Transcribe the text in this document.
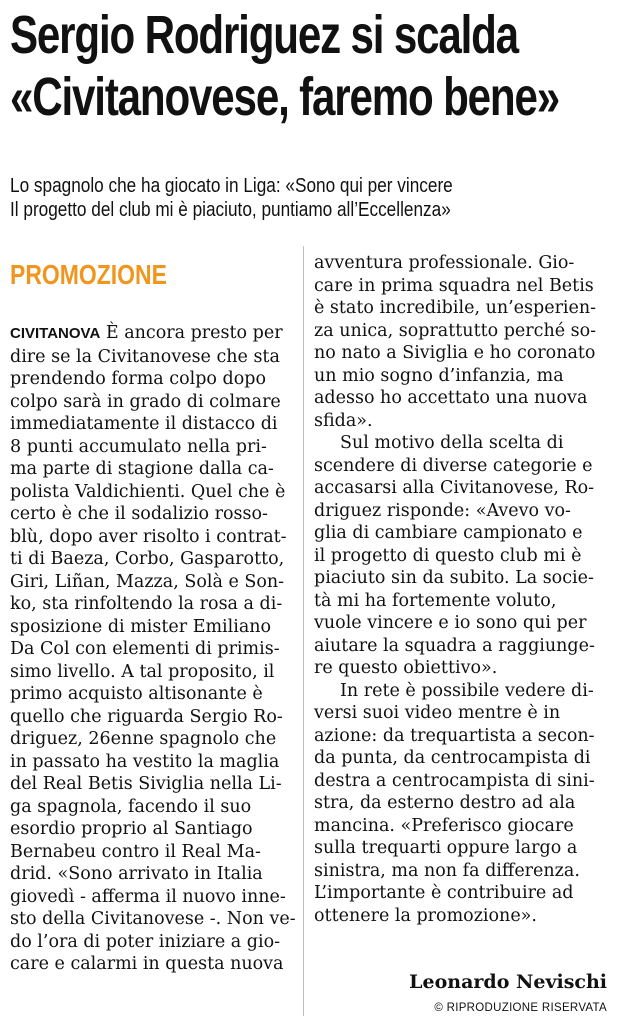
Sergio Rodriguez si scalda
«Civitanovese, faremo bene»
Lo spagnolo che ha giocato in Liga: «Sono qui per vincere
Il progetto del club mi è piaciuto, puntiamo all’Eccellenza»
PROMOZIONE
CIVITANOVA È ancora presto per
dire se la Civitanovese che sta
prendendo forma colpo dopo
colpo sarà in grado di colmare
immediatamente il distacco di
8 punti accumulato nella pri-
ma parte di stagione dalla ca-
polista Valdichienti. Quel che è
certo è che il sodalizio rosso-
blù, dopo aver risolto i contrat-
ti di Baeza, Corbo, Gasparotto,
Giri, Liñan, Mazza, Solà e Son-
ko, sta rinfoltendo la rosa a di-
sposizione di mister Emiliano
Da Col con elementi di primis-
simo livello. A tal proposito, il
primo acquisto altisonante è
quello che riguarda Sergio Ro-
driguez, 26enne spagnolo che
in passato ha vestito la maglia
del Real Betis Siviglia nella Li-
ga spagnola, facendo il suo
esordio proprio al Santiago
Bernabeu contro il Real Ma-
drid. «Sono arrivato in Italia
giovedì - afferma il nuovo inne-
sto della Civitanovese -. Non ve-
do l’ora di poter iniziare a gio-
care e calarmi in questa nuova
avventura professionale. Gio-
care in prima squadra nel Betis
è stato incredibile, un’esperien-
za unica, soprattutto perché so-
no nato a Siviglia e ho coronato
un mio sogno d’infanzia, ma
adesso ho accettato una nuova
sfida».
Sul motivo della scelta di
scendere di diverse categorie e
accasarsi alla Civitanovese, Ro-
driguez risponde: «Avevo vo-
glia di cambiare campionato e
il progetto di questo club mi è
piaciuto sin da subito. La socie-
tà mi ha fortemente voluto,
vuole vincere e io sono qui per
aiutare la squadra a raggiunge-
re questo obiettivo».
In rete è possibile vedere di-
versi suoi video mentre è in
azione: da trequartista a secon-
da punta, da centrocampista di
destra a centrocampista di sini-
stra, da esterno destro ad ala
mancina. «Preferisco giocare
sulla trequarti oppure largo a
sinistra, ma non fa differenza.
L’importante è contribuire ad
ottenere la promozione».
Leonardo Nevischi
© RIPRODUZIONE RISERVATA
